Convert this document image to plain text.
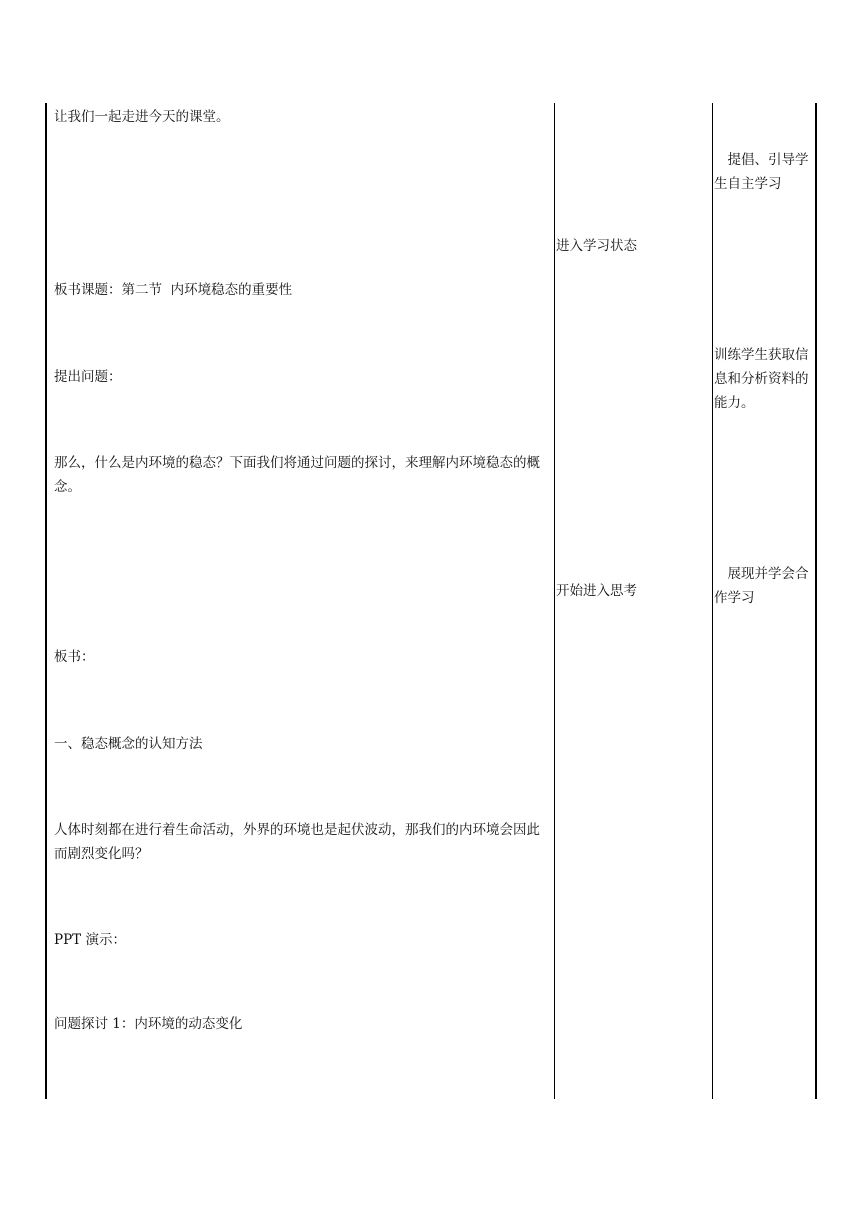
让我们一起走进今天的课堂。
板书课题：第二节  内环境稳态的重要性
提出问题：
那么，什么是内环境的稳态？下面我们将通过问题的探讨，来理解内环境稳态的概念。
板书：
一、稳态概念的认知方法
人体时刻都在进行着生命活动，外界的环境也是起伏波动，那我们的内环境会因此而剧烈变化吗？
PPT 演示：
问题探讨 1：内环境的动态变化
进入学习状态
开始进入思考
提倡、引导学生自主学习
训练学生获取信息和分析资料的能力。
展现并学会合作学习
